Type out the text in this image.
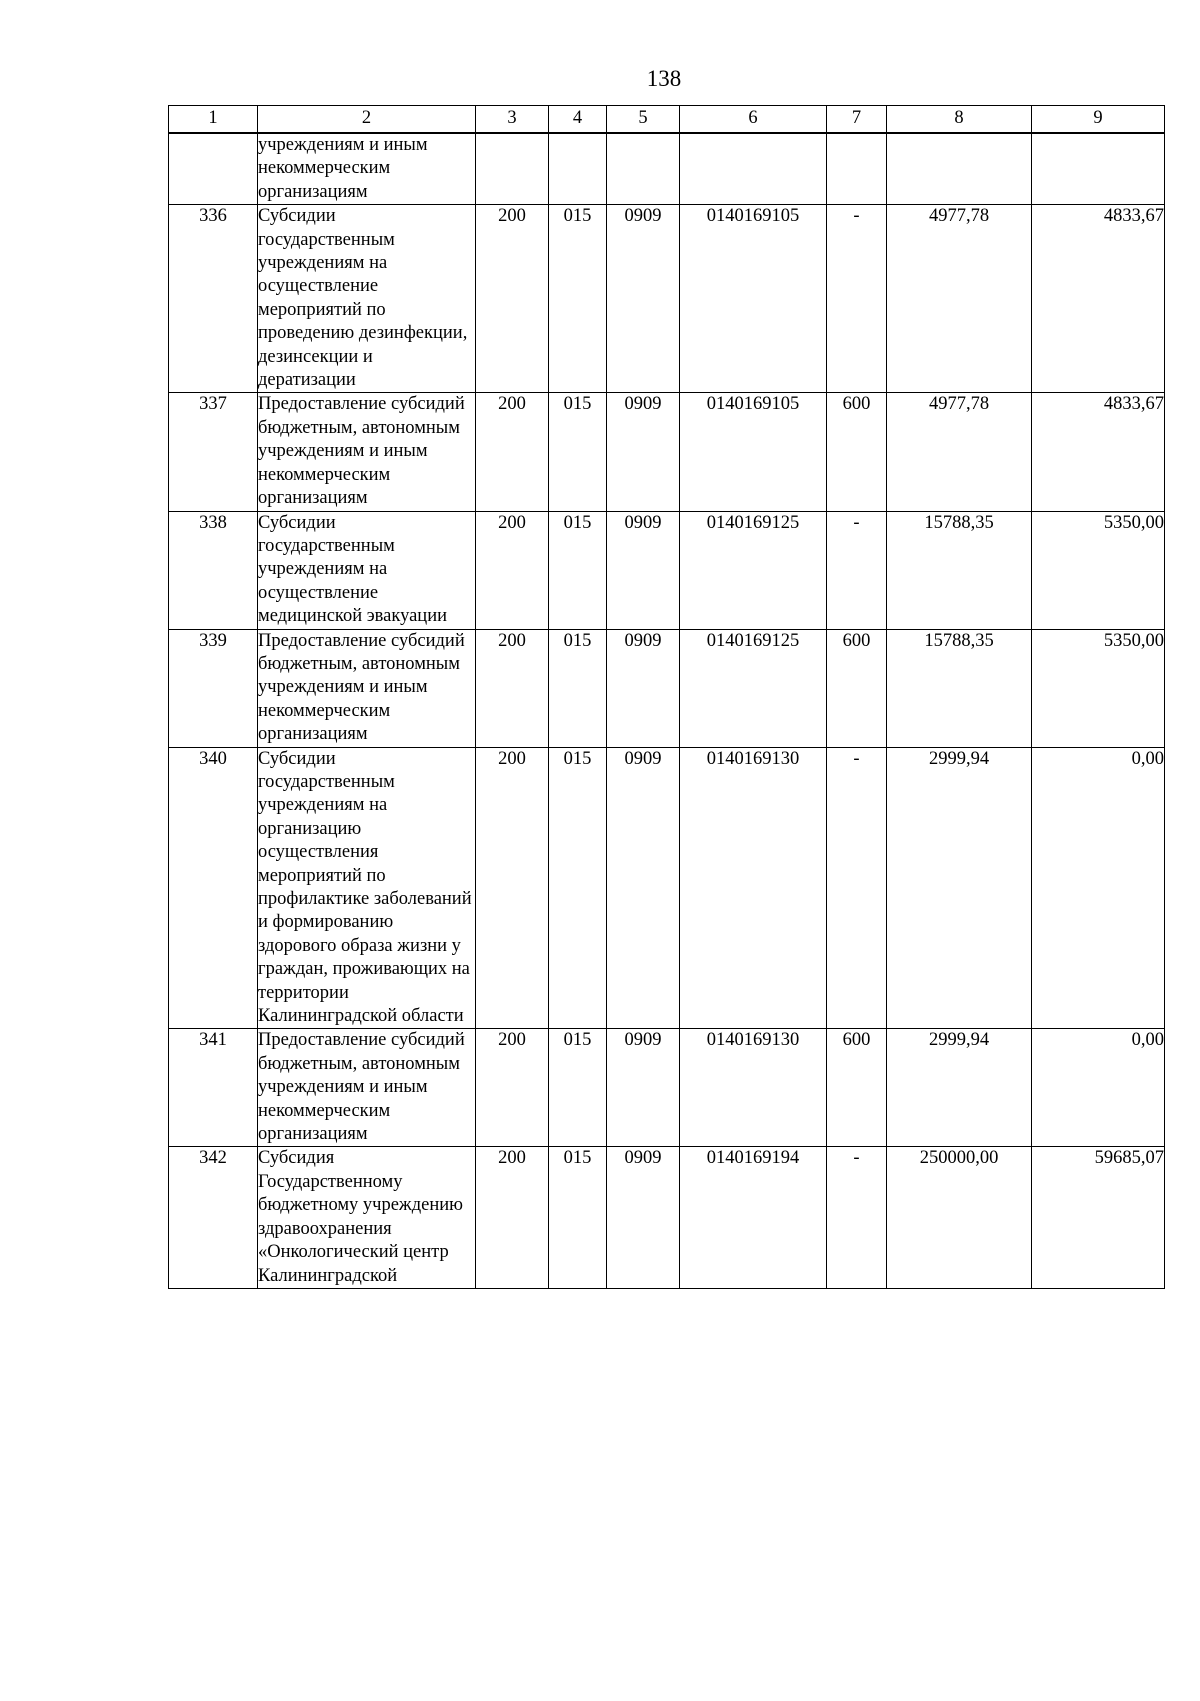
138
1	2	3	4	5	6	7	8	9
	учреждениям и иным некоммерческим организациям							
336	Субсидии государственным учреждениям на осуществление мероприятий по проведению дезинфекции, дезинсекции и дератизации	200	015	0909	0140169105	-	4977,78	4833,67
337	Предоставление субсидий бюджетным, автономным учреждениям и иным некоммерческим организациям	200	015	0909	0140169105	600	4977,78	4833,67
338	Субсидии государственным учреждениям на осуществление медицинской эвакуации	200	015	0909	0140169125	-	15788,35	5350,00
339	Предоставление субсидий бюджетным, автономным учреждениям и иным некоммерческим организациям	200	015	0909	0140169125	600	15788,35	5350,00
340	Субсидии государственным учреждениям на организацию осуществления мероприятий по профилактике заболеваний и формированию здорового образа жизни у граждан, проживающих на территории Калининградской области	200	015	0909	0140169130	-	2999,94	0,00
341	Предоставление субсидий бюджетным, автономным учреждениям и иным некоммерческим организациям	200	015	0909	0140169130	600	2999,94	0,00
342	Субсидия Государственному бюджетному учреждению здравоохранения «Онкологический центр Калининградской	200	015	0909	0140169194	-	250000,00	59685,07
